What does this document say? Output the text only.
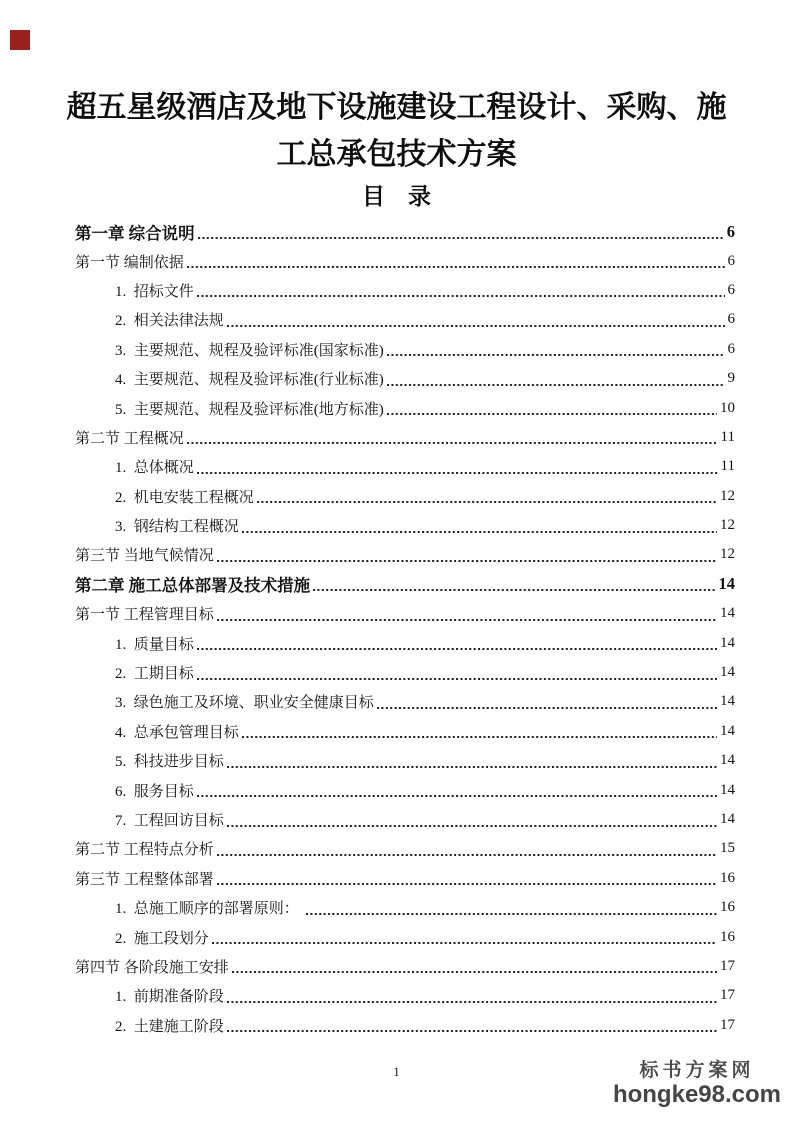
超五星级酒店及地下设施建设工程设计、采购、施工总承包技术方案
目　录
第一章 综合说明	6
第一节 编制依据	6
1.  招标文件	6
2.  相关法律法规	6
3.  主要规范、规程及验评标准(国家标准)	6
4.  主要规范、规程及验评标准(行业标准)	9
5.  主要规范、规程及验评标准(地方标准)	10
第二节 工程概况	11
1.  总体概况	11
2.  机电安装工程概况	12
3.  钢结构工程概况	12
第三节 当地气候情况	12
第二章 施工总体部署及技术措施	14
第一节 工程管理目标	14
1.  质量目标	14
2.  工期目标	14
3.  绿色施工及环境、职业安全健康目标	14
4.  总承包管理目标	14
5.  科技进步目标	14
6.  服务目标	14
7.  工程回访目标	14
第二节 工程特点分析	15
第三节 工程整体部署	16
1.  总施工顺序的部署原则：	16
2.  施工段划分	16
第四节 各阶段施工安排	17
1.  前期准备阶段	17
2.  土建施工阶段	17
1	标书方案网
hongke98.com
